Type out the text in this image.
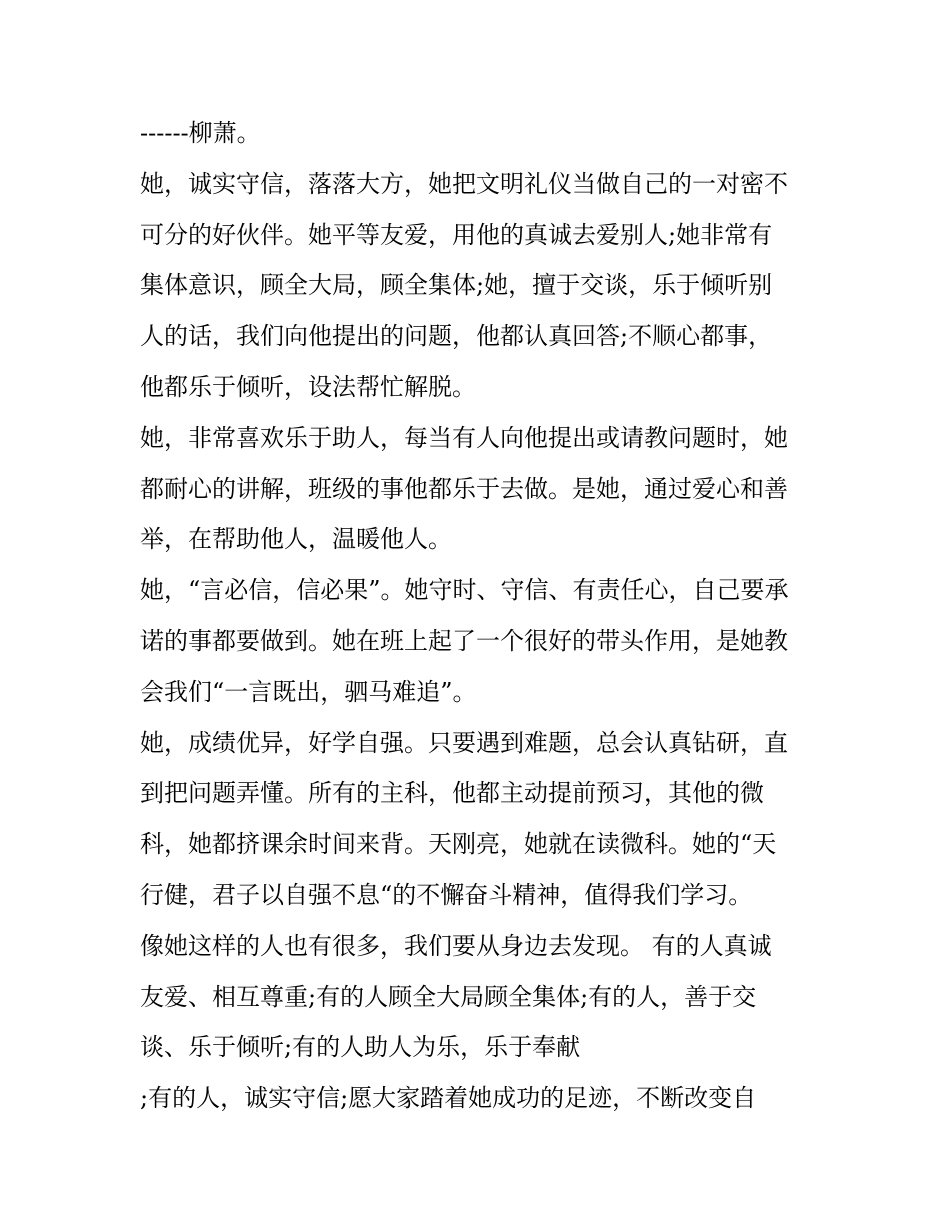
------柳萧。
她，诚实守信，落落大方，她把文明礼仪当做自己的一对密不
可分的好伙伴。她平等友爱，用他的真诚去爱别人;她非常有
集体意识，顾全大局，顾全集体;她，擅于交谈，乐于倾听别
人的话，我们向他提出的问题，他都认真回答;不顺心都事，
他都乐于倾听，设法帮忙解脱。
她，非常喜欢乐于助人，每当有人向他提出或请教问题时，她
都耐心的讲解，班级的事他都乐于去做。是她，通过爱心和善
举，在帮助他人，温暖他人。
她，“言必信，信必果”。她守时、守信、有责任心，自己要承
诺的事都要做到。她在班上起了一个很好的带头作用，是她教
会我们“一言既出，驷马难追”。
她，成绩优异，好学自强。只要遇到难题，总会认真钻研，直
到把问题弄懂。所有的主科，他都主动提前预习，其他的微
科，她都挤课余时间来背。天刚亮，她就在读微科。她的“天
行健，君子以自强不息“的不懈奋斗精神，值得我们学习。
像她这样的人也有很多，我们要从身边去发现。 有的人真诚
友爱、相互尊重;有的人顾全大局顾全集体;有的人，善于交
谈、乐于倾听;有的人助人为乐，乐于奉献
;有的人，诚实守信;愿大家踏着她成功的足迹，不断改变自
